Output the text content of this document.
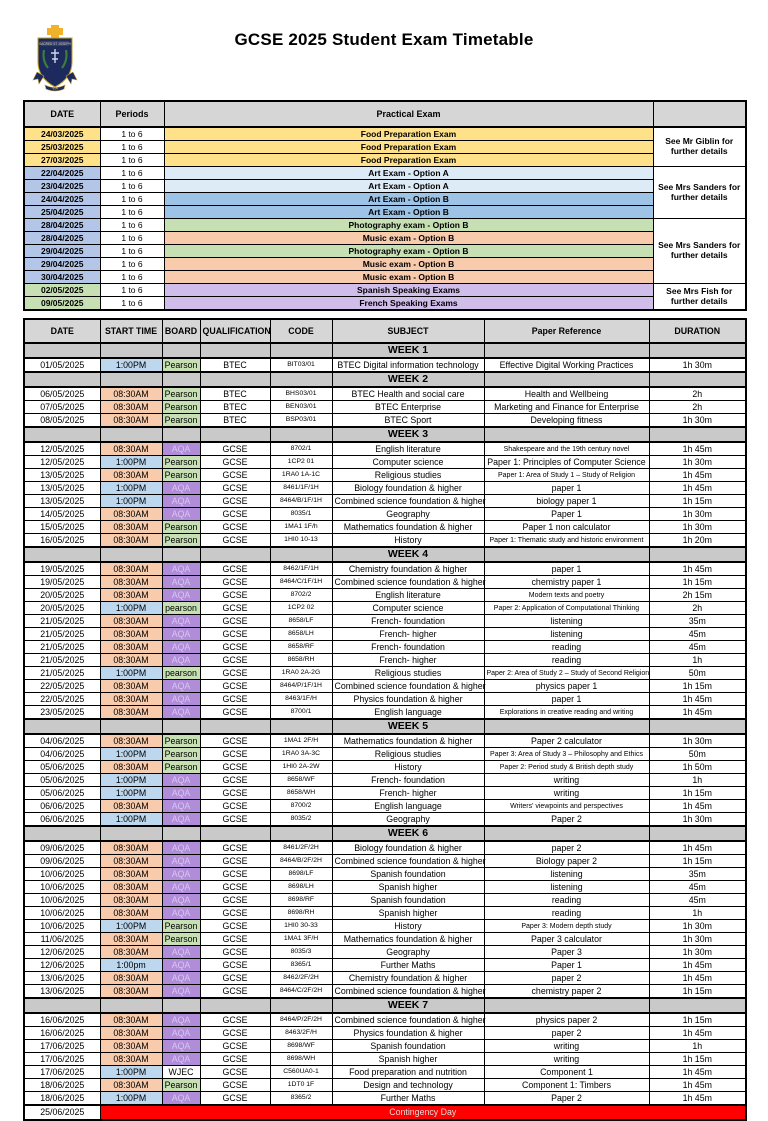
SACRED ST JOSEPH
VIA
GCSE 2025 Student Exam Timetable
DATE	Periods	Practical Exam	
24/03/2025	1 to 6	Food Preparation Exam	See Mr Giblin for further details
25/03/2025	1 to 6	Food Preparation Exam	
27/03/2025	1 to 6	Food Preparation Exam	
22/04/2025	1 to 6	Art Exam - Option A	See Mrs Sanders for further details
23/04/2025	1 to 6	Art Exam - Option A	
24/04/2025	1 to 6	Art Exam - Option B	
25/04/2025	1 to 6	Art Exam - Option B	
28/04/2025	1 to 6	Photography exam - Option B	See Mrs Sanders for further details
28/04/2025	1 to 6	Music exam - Option B	
29/04/2025	1 to 6	Photography exam - Option B	
29/04/2025	1 to 6	Music exam - Option B	
30/04/2025	1 to 6	Music exam - Option B	
02/05/2025	1 to 6	Spanish Speaking Exams	See Mrs Fish for further details
09/05/2025	1 to 6	French Speaking Exams	
DATE	START TIME	BOARD	QUALIFICATION	CODE	SUBJECT	Paper Reference	DURATION
					WEEK 1		
01/05/2025	1:00PM	Pearson	BTEC	BIT03/01	BTEC Digital information technology	Effective Digital Working Practices	1h 30m
					WEEK 2		
06/05/2025	08:30AM	Pearson	BTEC	BHS03/01	BTEC Health and social care	Health and Wellbeing	2h
07/05/2025	08:30AM	Pearson	BTEC	BEN03/01	BTEC Enterprise	Marketing and Finance for Enterprise	2h
08/05/2025	08:30AM	Pearson	BTEC	BSP03/01	BTEC Sport	Developing fitness	1h 30m
					WEEK 3		
12/05/2025	08:30AM	AQA	GCSE	8702/1	English literature	Shakespeare and the 19th century novel	1h 45m
12/05/2025	1:00PM	Pearson	GCSE	1CP2 01	Computer science	Paper 1: Principles of Computer Science	1h 30m
13/05/2025	08:30AM	Pearson	GCSE	1RA0 1A-1C	Religious studies	Paper 1: Area of Study 1 – Study of Religion	1h 45m
13/05/2025	1:00PM	AQA	GCSE	8461/1F/1H	Biology foundation & higher	paper 1	1h 45m
13/05/2025	1:00PM	AQA	GCSE	8464/B/1F/1H	Combined science foundation & higher	biology paper 1	1h 15m
14/05/2025	08:30AM	AQA	GCSE	8035/1	Geography	Paper 1	1h 30m
15/05/2025	08:30AM	Pearson	GCSE	1MA1 1F/h	Mathematics foundation & higher	Paper 1 non calculator	1h 30m
16/05/2025	08:30AM	Pearson	GCSE	1HI0 10-13	History	Paper 1: Thematic study and historic environment	1h 20m
					WEEK 4		
19/05/2025	08:30AM	AQA	GCSE	8462/1F/1H	Chemistry foundation & higher	paper 1	1h 45m
19/05/2025	08:30AM	AQA	GCSE	8464/C/1F/1H	Combined science foundation & higher	chemistry paper 1	1h 15m
20/05/2025	08:30AM	AQA	GCSE	8702/2	English literature	Modern texts and poetry	2h 15m
20/05/2025	1:00PM	pearson	GCSE	1CP2 02	Computer science	Paper 2: Application of Computational Thinking	2h
21/05/2025	08:30AM	AQA	GCSE	8658/LF	French- foundation	listening	35m
21/05/2025	08:30AM	AQA	GCSE	8658/LH	French- higher	listening	45m
21/05/2025	08:30AM	AQA	GCSE	8658/RF	French- foundation	reading	45m
21/05/2025	08:30AM	AQA	GCSE	8658/RH	French- higher	reading	1h
21/05/2025	1:00PM	pearson	GCSE	1RA0 2A-2G	Religious studies	Paper 2: Area of Study 2 – Study of Second Religion	50m
22/05/2025	08:30AM	AQA	GCSE	8464/P/1F/1H	Combined science foundation & higher	physics paper 1	1h 15m
22/05/2025	08:30AM	AQA	GCSE	8463/1F/H	Physics foundation & higher	paper 1	1h 45m
23/05/2025	08:30AM	AQA	GCSE	8700/1	English language	Explorations in creative reading and writing	1h 45m
					WEEK 5		
04/06/2025	08:30AM	Pearson	GCSE	1MA1 2F/H	Mathematics foundation & higher	Paper 2 calculator	1h 30m
04/06/2025	1:00PM	Pearson	GCSE	1RA0 3A-3C	Religious studies	Paper 3: Area of Study 3 – Philosophy and Ethics	50m
05/06/2025	08:30AM	Pearson	GCSE	1HI0 2A-2W	History	Paper 2: Period study & British depth study	1h 50m
05/06/2025	1:00PM	AQA	GCSE	8658/WF	French- foundation	writing	1h
05/06/2025	1:00PM	AQA	GCSE	8658/WH	French- higher	writing	1h 15m
06/06/2025	08:30AM	AQA	GCSE	8700/2	English language	Writers' viewpoints and perspectives	1h 45m
06/06/2025	1:00PM	AQA	GCSE	8035/2	Geography	Paper 2	1h 30m
					WEEK 6		
09/06/2025	08:30AM	AQA	GCSE	8461/2F/2H	Biology foundation & higher	paper 2	1h 45m
09/06/2025	08:30AM	AQA	GCSE	8464/B/2F/2H	Combined science foundation & higher	Biology paper 2	1h 15m
10/06/2025	08:30AM	AQA	GCSE	8698/LF	Spanish foundation	listening	35m
10/06/2025	08:30AM	AQA	GCSE	8698/LH	Spanish higher	listening	45m
10/06/2025	08:30AM	AQA	GCSE	8698/RF	Spanish foundation	reading	45m
10/06/2025	08:30AM	AQA	GCSE	8698/RH	Spanish higher	reading	1h
10/06/2025	1:00PM	Pearson	GCSE	1HI0 30-33	History	Paper 3: Modern depth study	1h 30m
11/06/2025	08:30AM	Pearson	GCSE	1MA1 3F/H	Mathematics foundation & higher	Paper 3 calculator	1h 30m
12/06/2025	08:30AM	AQA	GCSE	8035/3	Geography	Paper 3	1h 30m
12/06/2025	1:00pm	AQA	GCSE	8365/1	Further Maths	Paper 1	1h 45m
13/06/2025	08:30AM	AQA	GCSE	8462/2F/2H	Chemistry foundation & higher	paper 2	1h 45m
13/06/2025	08:30AM	AQA	GCSE	8464/C/2F/2H	Combined science foundation & higher	chemistry paper 2	1h 15m
					WEEK 7		
16/06/2025	08:30AM	AQA	GCSE	8464/P/2F/2H	Combined science foundation & higher	physics paper 2	1h 15m
16/06/2025	08:30AM	AQA	GCSE	8463/2F/H	Physics foundation & higher	paper 2	1h 45m
17/06/2025	08:30AM	AQA	GCSE	8698/WF	Spanish foundation	writing	1h
17/06/2025	08:30AM	AQA	GCSE	8698/WH	Spanish higher	writing	1h 15m
17/06/2025	1:00PM	WJEC	GCSE	C560UA0-1	Food preparation and nutrition	Component 1	1h 45m
18/06/2025	08:30AM	Pearson	GCSE	1DT0 1F	Design and technology	Component 1: Timbers	1h 45m
18/06/2025	1:00PM	AQA	GCSE	8365/2	Further Maths	Paper 2	1h 45m
25/06/2025	Contingency Day						
